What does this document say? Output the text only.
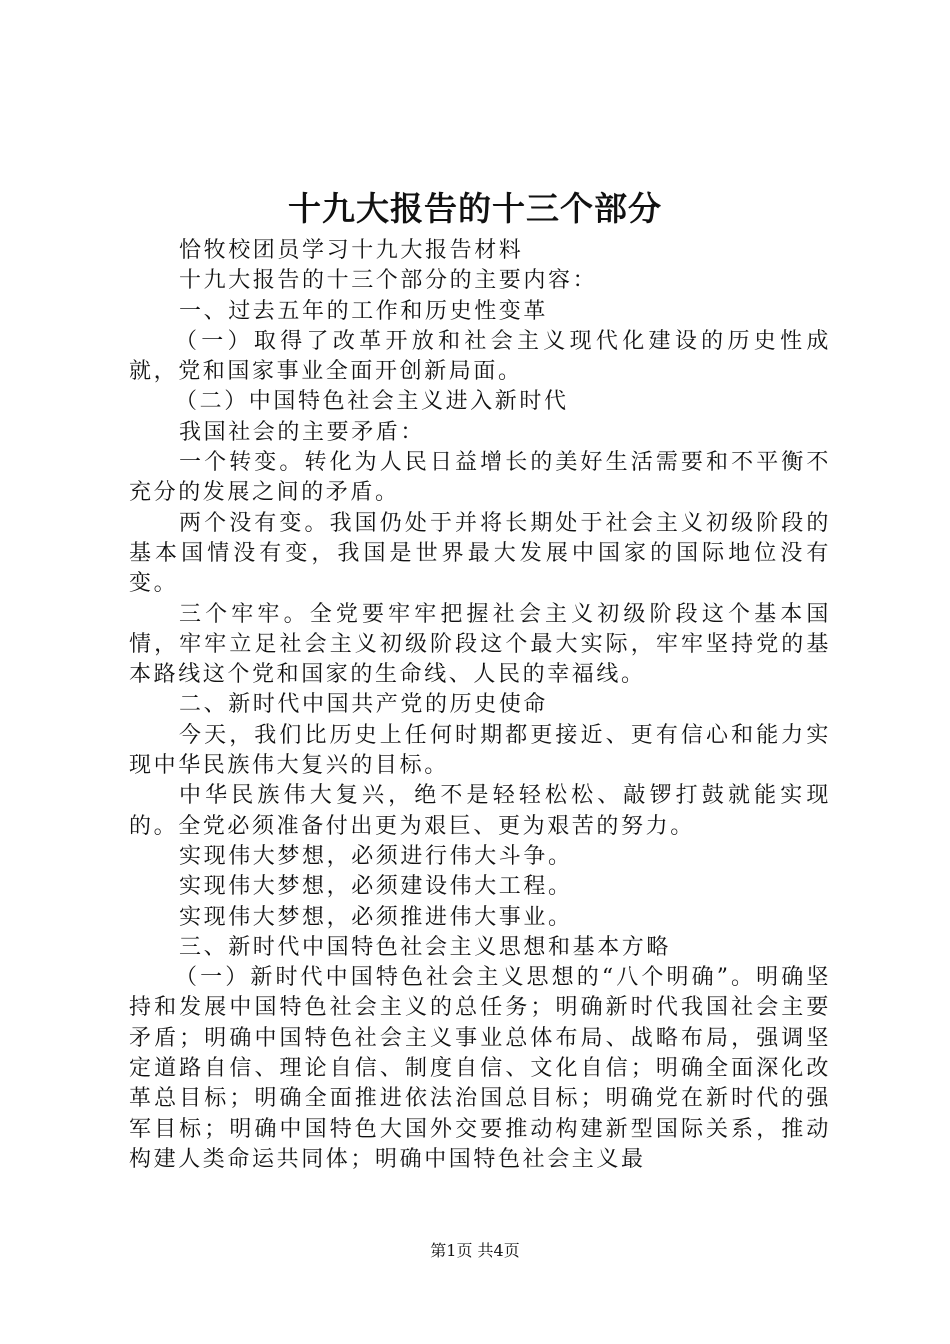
十九大报告的十三个部分

恰牧校团员学习十九大报告材料

十九大报告的十三个部分的主要内容：

一、过去五年的工作和历史性变革

（一）取得了改革开放和社会主义现代化建设的历史性成就，党和国家事业全面开创新局面。

（二）中国特色社会主义进入新时代

我国社会的主要矛盾：

一个转变。转化为人民日益增长的美好生活需要和不平衡不充分的发展之间的矛盾。

两个没有变。我国仍处于并将长期处于社会主义初级阶段的基本国情没有变，我国是世界最大发展中国家的国际地位没有变。

三个牢牢。全党要牢牢把握社会主义初级阶段这个基本国情，牢牢立足社会主义初级阶段这个最大实际，牢牢坚持党的基本路线这个党和国家的生命线、人民的幸福线。

二、新时代中国共产党的历史使命

今天，我们比历史上任何时期都更接近、更有信心和能力实现中华民族伟大复兴的目标。

中华民族伟大复兴，绝不是轻轻松松、敲锣打鼓就能实现的。全党必须准备付出更为艰巨、更为艰苦的努力。

实现伟大梦想，必须进行伟大斗争。

实现伟大梦想，必须建设伟大工程。

实现伟大梦想，必须推进伟大事业。

三、新时代中国特色社会主义思想和基本方略

（一）新时代中国特色社会主义思想的“八个明确”。明确坚持和发展中国特色社会主义的总任务；明确新时代我国社会主要矛盾；明确中国特色社会主义事业总体布局、战略布局，强调坚定道路自信、理论自信、制度自信、文化自信；明确全面深化改革总目标；明确全面推进依法治国总目标；明确党在新时代的强军目标；明确中国特色大国外交要推动构建新型国际关系，推动构建人类命运共同体；明确中国特色社会主义最

第1页 共4页
